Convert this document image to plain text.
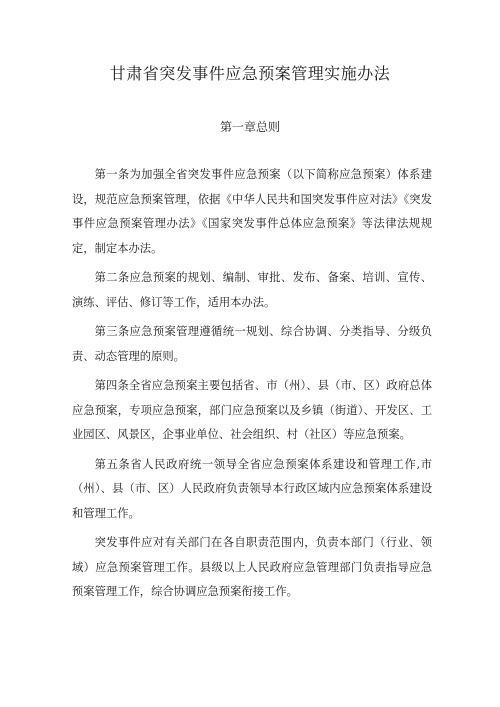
甘肃省突发事件应急预案管理实施办法
第一章总则

第一条为加强全省突发事件应急预案（以下简称应急预案）体系建设，规范应急预案管理，依据《中华人民共和国突发事件应对法》《突发事件应急预案管理办法》《国家突发事件总体应急预案》等法律法规规定，制定本办法。

第二条应急预案的规划、编制、审批、发布、备案、培训、宣传、演练、评估、修订等工作，适用本办法。

第三条应急预案管理遵循统一规划、综合协调、分类指导、分级负责、动态管理的原则。

第四条全省应急预案主要包括省、市（州）、县（市、区）政府总体应急预案，专项应急预案，部门应急预案以及乡镇（街道）、开发区、工业园区、风景区，企事业单位、社会组织、村（社区）等应急预案。

第五条省人民政府统一领导全省应急预案体系建设和管理工作,市（州）、县（市、区）人民政府负责领导本行政区域内应急预案体系建设和管理工作。

突发事件应对有关部门在各自职责范围内，负责本部门（行业、领域）应急预案管理工作。县级以上人民政府应急管理部门负责指导应急预案管理工作，综合协调应急预案衔接工作。
